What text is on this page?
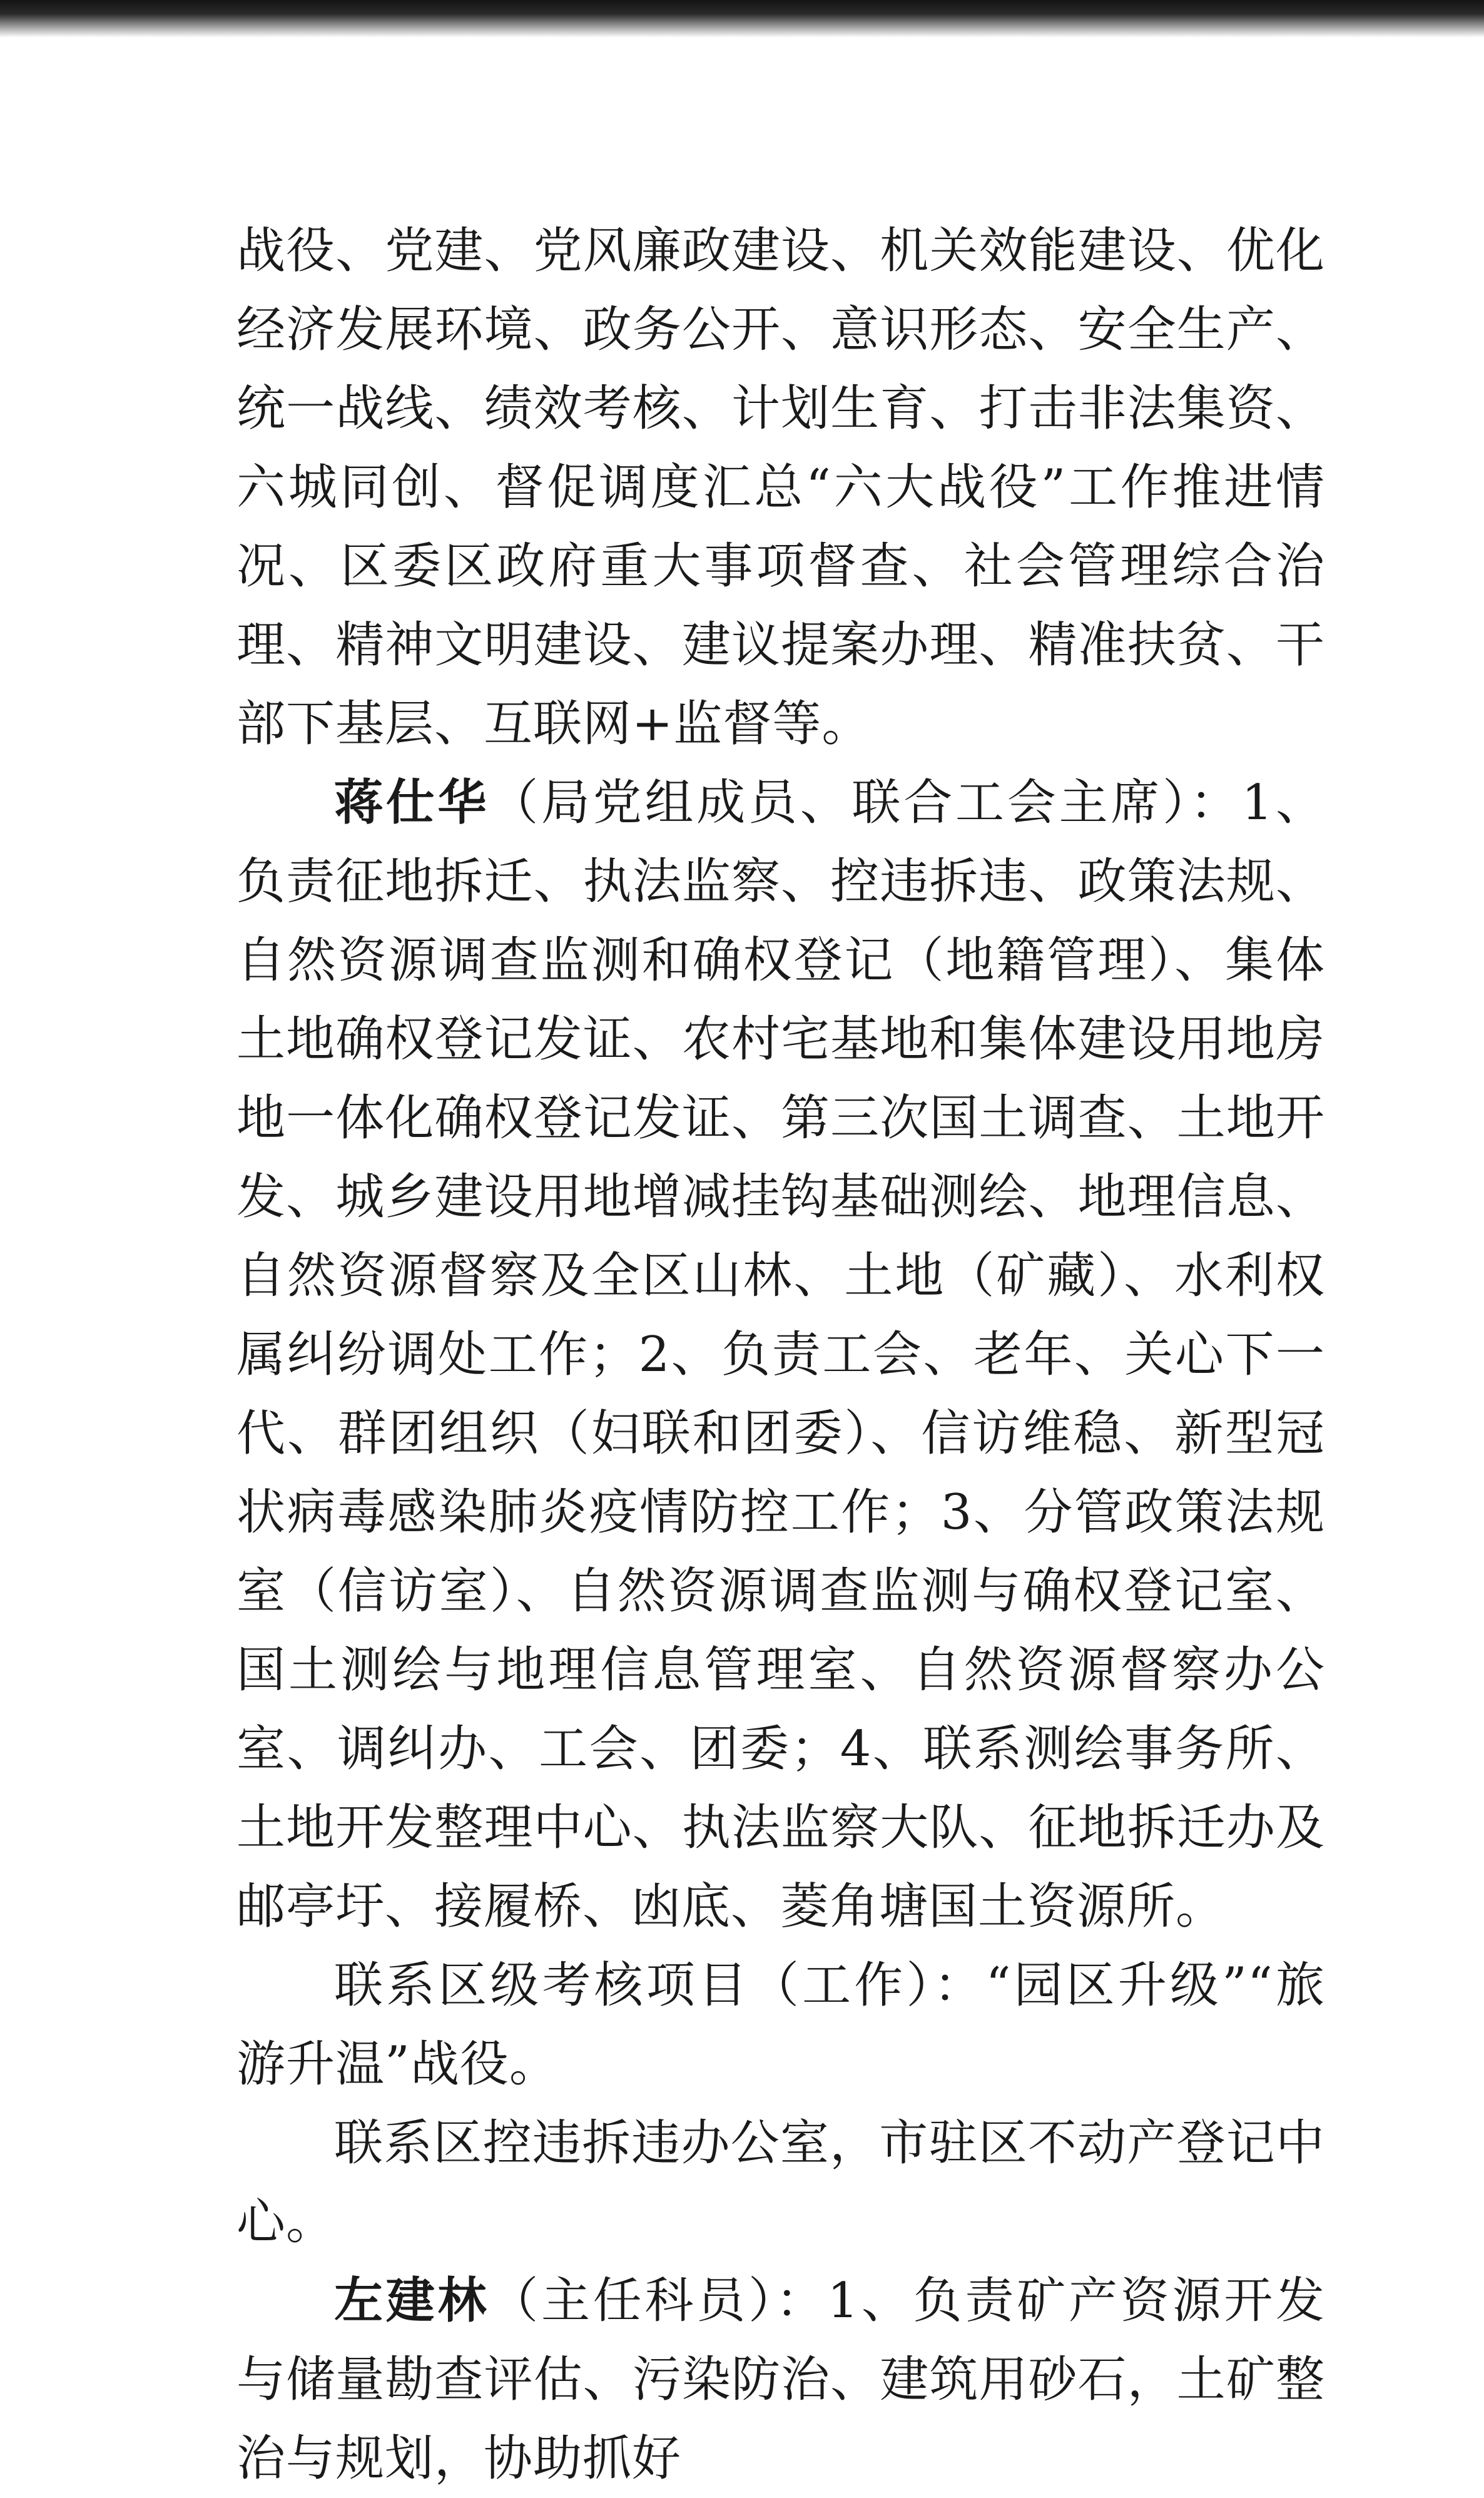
战役、党建、党风廉政建设、机关效能建设、优化经济发展环境、政务公开、意识形态、安全生产、统一战线、绩效考核、计划生育、打击非法集资、六城同创、督促调度汇总“六大战役”工作推进情况、区委区政府重大事项督查、社会管理综合治理、精神文明建设、建议提案办理、精准扶贫、干部下基层、互联网+监督等。

蒋仕华（局党组成员、联合工会主席）：1、负责征地拆迁、执法监察、控违拆违、政策法规、自然资源调查监测和确权登记（地籍管理）、集体土地确权登记发证、农村宅基地和集体建设用地房地一体化确权登记发证、第三次国土调查、土地开发、城乡建设用地增减挂钩基础测绘、地理信息、自然资源督察及全区山林、土地（矿藏）、水利权属纠纷调处工作；2、负责工会、老年、关心下一代、群团组织（妇联和团委）、信访维稳、新型冠状病毒感染肺炎疫情防控工作；3、分管政策法规室（信访室）、自然资源调查监测与确权登记室、国土测绘与地理信息管理室、自然资源督察办公室、调纠办、工会、团委；4、联系测绘事务所、土地开发整理中心、执法监察大队、征地拆迁办及邮亭圩、接履桥、凼底、菱角塘国土资源所。

联系区级考核项目（工作）：“园区升级”“旅游升温”战役。

联系区控违拆违办公室，市驻区不动产登记中心。

左建林（主任科员）：1、负责矿产资源开发与储量勘查评估、污染防治、建筑用砂石，土矿整治与规划，协助抓好
